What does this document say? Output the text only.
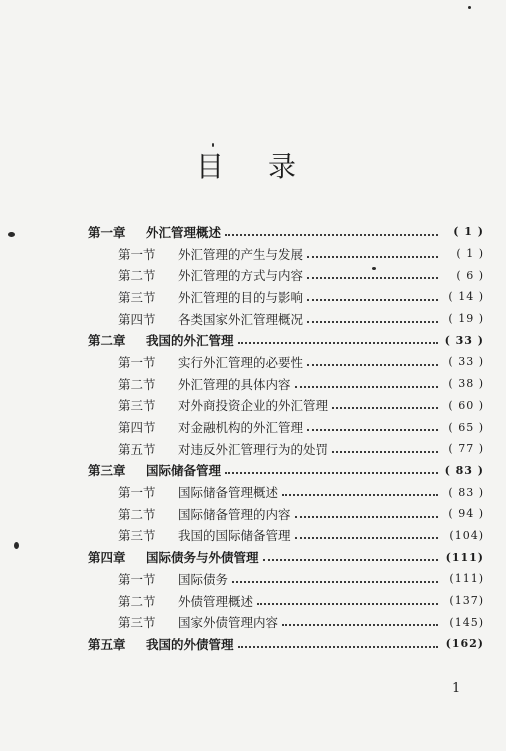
目录
第一章	外汇管理概述	( 1 )
第一节	外汇管理的产生与发展	( 1 )
第二节	外汇管理的方式与内容	( 6 )
第三节	外汇管理的目的与影响	( 14 )
第四节	各类国家外汇管理概况	( 19 )
第二章	我国的外汇管理	( 33 )
第一节	实行外汇管理的必要性	( 33 )
第二节	外汇管理的具体内容	( 38 )
第三节	对外商投资企业的外汇管理	( 60 )
第四节	对金融机构的外汇管理	( 65 )
第五节	对违反外汇管理行为的处罚	( 77 )
第三章	国际储备管理	( 83 )
第一节	国际储备管理概述	( 83 )
第二节	国际储备管理的内容	( 94 )
第三节	我国的国际储备管理	(104)
第四章	国际债务与外债管理	(111)
第一节	国际债务	(111)
第二节	外债管理概述	(137)
第三节	国家外债管理内容	(145)
第五章	我国的外债管理	(162)
1
